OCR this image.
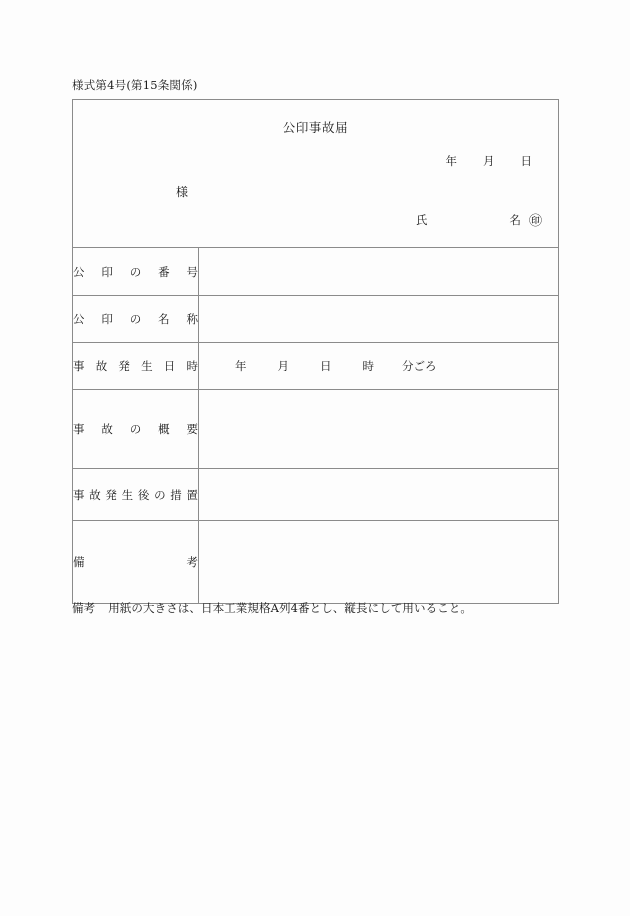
様式第4号(第15条関係)
公印事故届
年 月 日
様
氏 名 ㊞	

公印の番号	

公印の名称	

事故発生日時	年 月 日 時 分ごろ

事故の概要	

事故発生後の措置	

備考	

備考 用紙の大きさは、日本工業規格A列4番とし、縦長にして用いること。
